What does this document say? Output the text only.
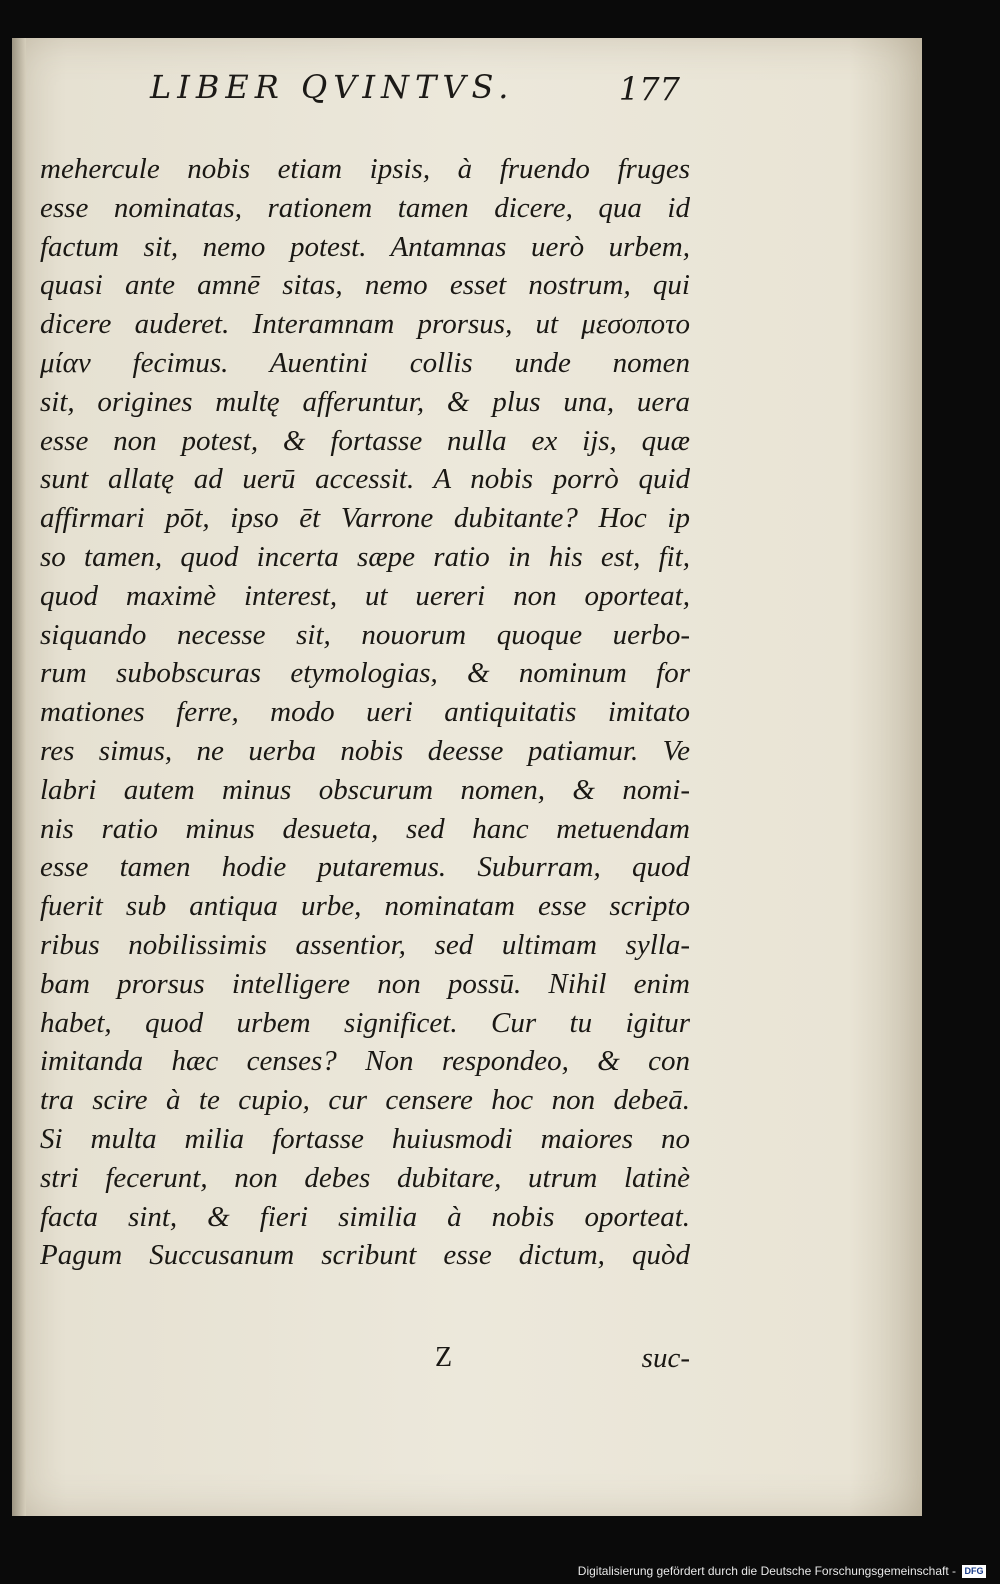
LIBER QVINTVS.	177
mehercule nobis etiam ipsis, à fruendo fruges
esse nominatas, rationem tamen dicere, qua id
factum sit, nemo potest. Antamnas uerò urbem,
quasi ante amnē sitas, nemo esset nostrum, qui
dicere auderet. Interamnam prorsus, ut μεσοποτο
μίαν fecimus. Auentini collis unde nomen
sit, origines multę afferuntur, & plus una, uera
esse non potest, & fortasse nulla ex ijs, quæ
sunt allatę ad uerū accessit. A nobis porrò quid
affirmari pōt, ipso ēt Varrone dubitante? Hoc ip
so tamen, quod incerta sæpe ratio in his est, fit,
quod maximè interest, ut uereri non oporteat,
siquando necesse sit, nouorum quoque uerbo-
rum subobscuras etymologias, & nominum for
mationes ferre, modo ueri antiquitatis imitato
res simus, ne uerba nobis deesse patiamur. Ve
labri autem minus obscurum nomen, & nomi-
nis ratio minus desueta, sed hanc metuendam
esse tamen hodie putaremus. Suburram, quod
fuerit sub antiqua urbe, nominatam esse scripto
ribus nobilissimis assentior, sed ultimam sylla-
bam prorsus intelligere non possū. Nihil enim
habet, quod urbem significet. Cur tu igitur
imitanda hæc censes? Non respondeo, & con
tra scire à te cupio, cur censere hoc non debeā.
Si multa milia fortasse huiusmodi maiores no
stri fecerunt, non debes dubitare, utrum latinè
facta sint, & fieri similia à nobis oporteat.
Pagum Succusanum scribunt esse dictum, quòd
Z	suc-
Digitalisierung gefördert durch die Deutsche Forschungsgemeinschaft - DFG
